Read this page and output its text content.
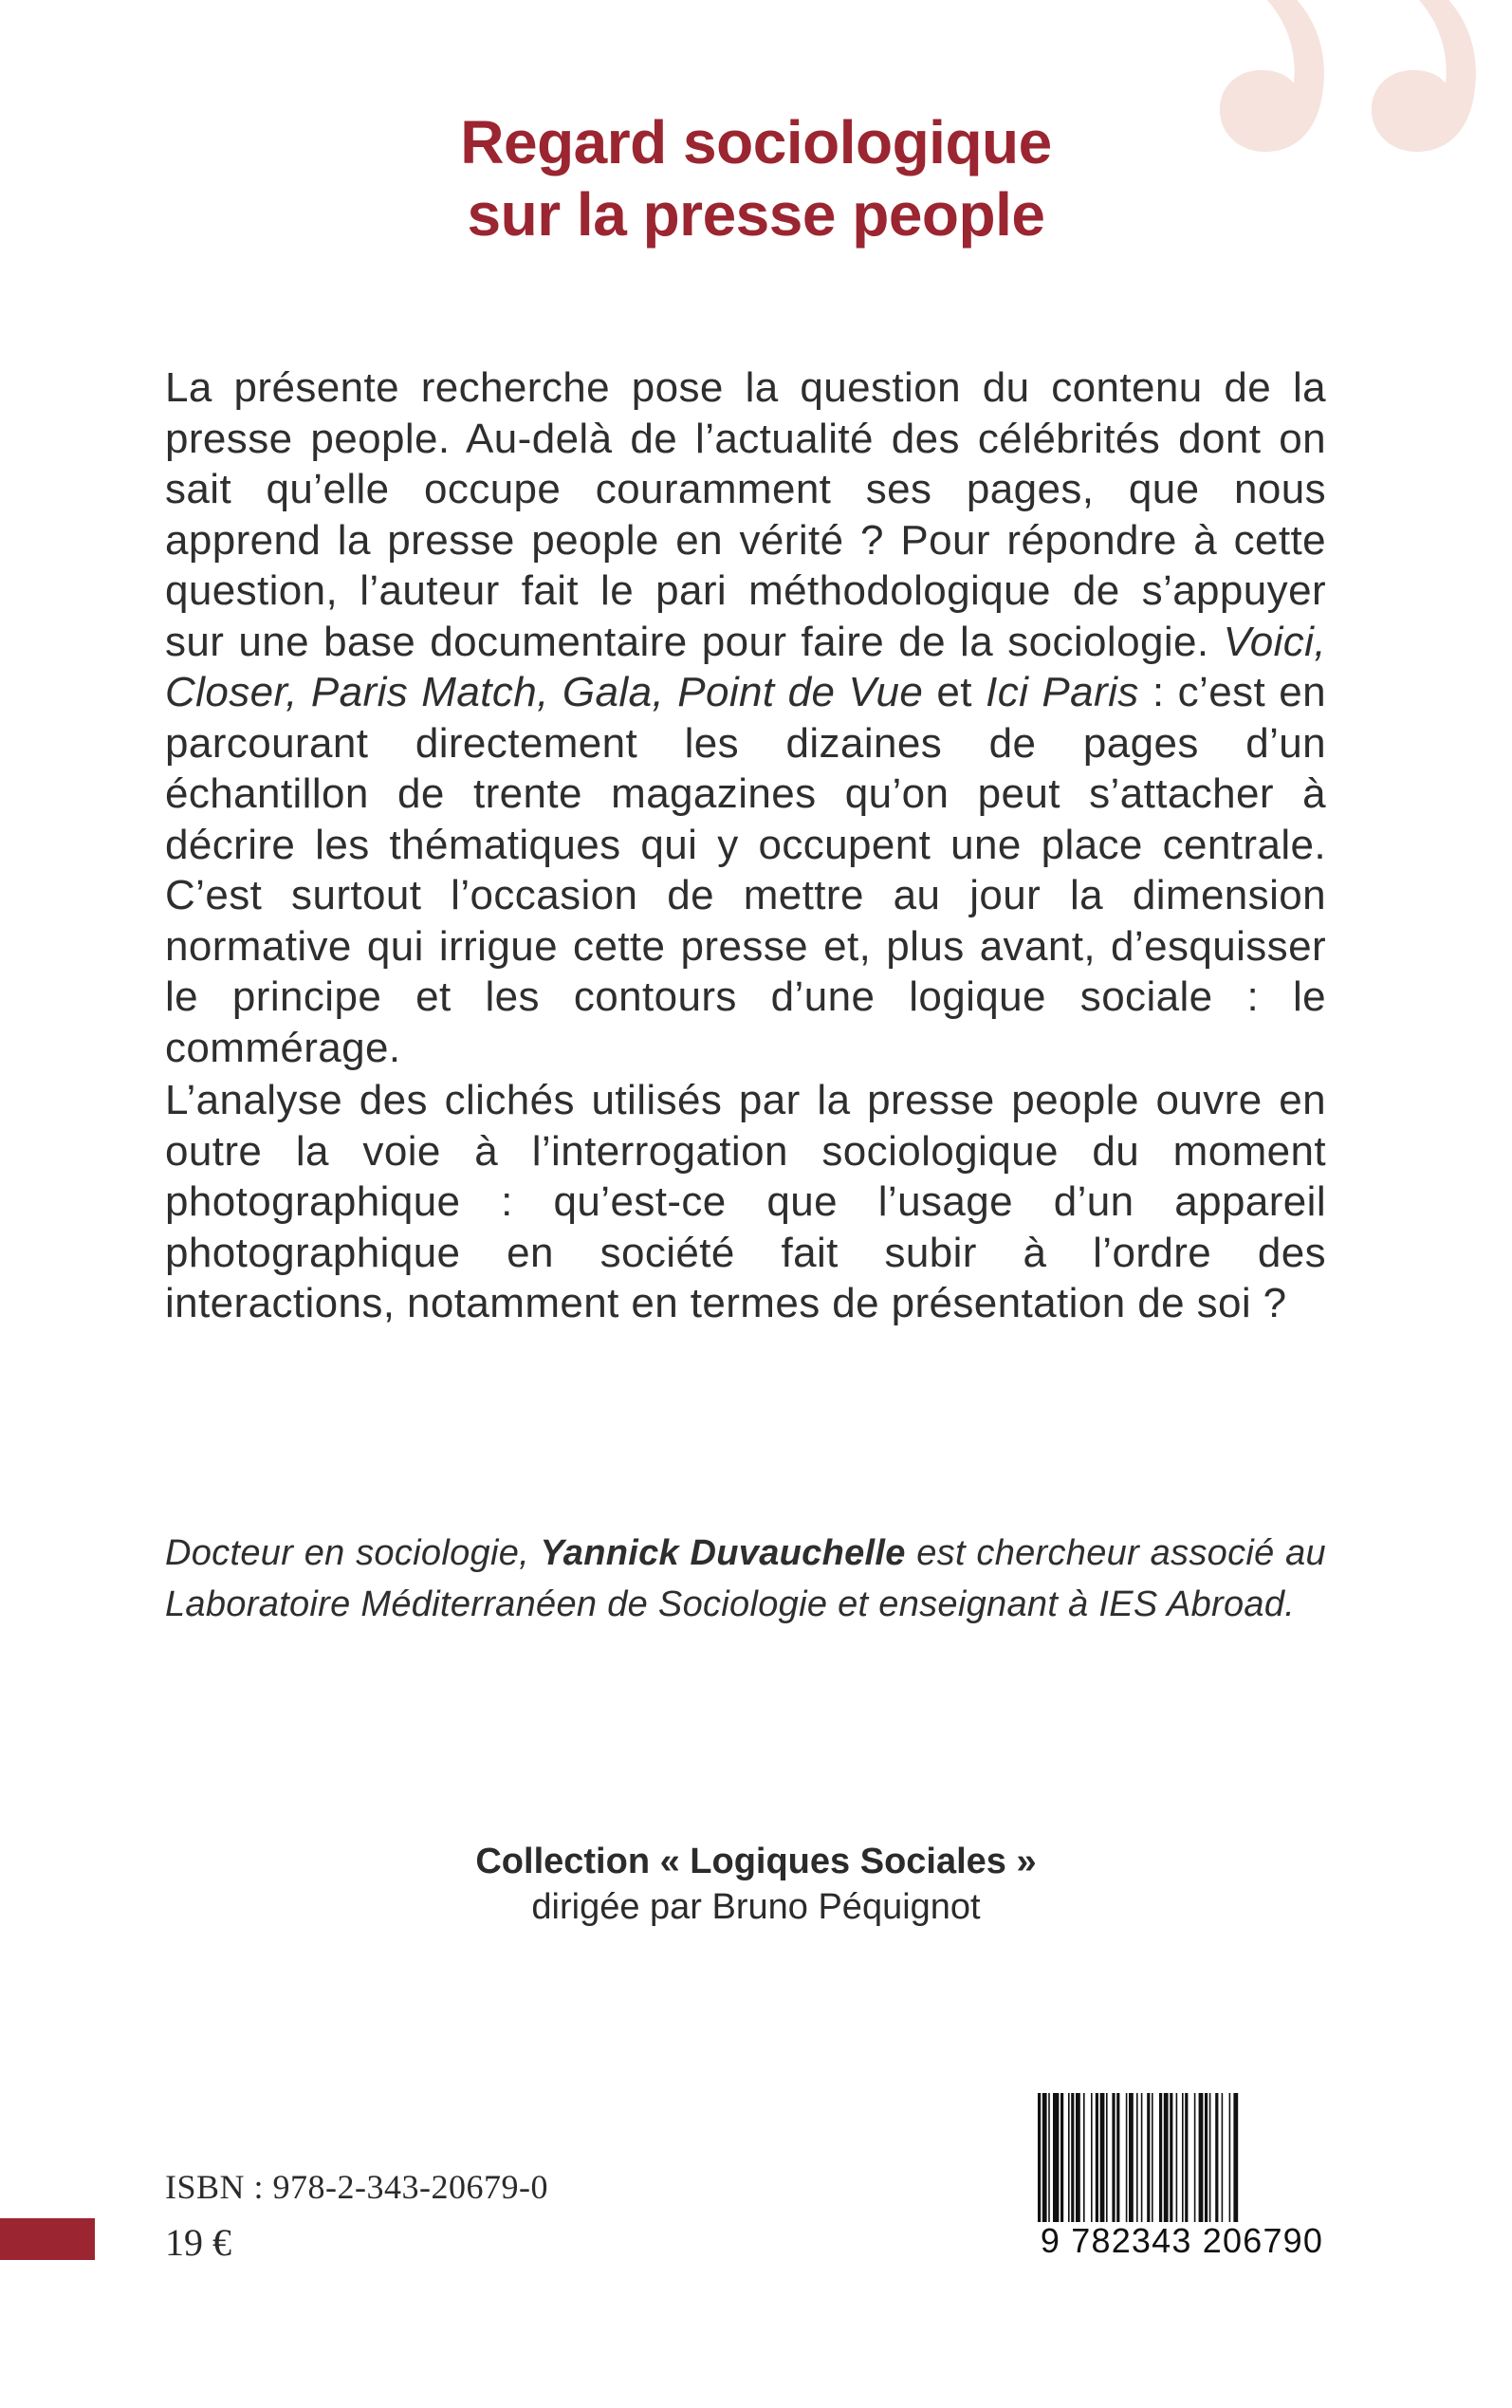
Regard sociologique
sur la presse people
La présente recherche pose la question du contenu de la presse people. Au-delà de l’actualité des célébrités dont on sait qu’elle occupe couramment ses pages, que nous apprend la presse people en vérité ? Pour répondre à cette question, l’auteur fait le pari méthodologique de s’appuyer sur une base documentaire pour faire de la sociologie. Voici, Closer, Paris Match, Gala, Point de Vue et Ici Paris : c’est en parcourant directement les dizaines de pages d’un échantillon de trente magazines qu’on peut s’attacher à décrire les thématiques qui y occupent une place centrale. C’est surtout l’occasion de mettre au jour la dimension normative qui irrigue cette presse et, plus avant, d’esquisser le principe et les contours d’une logique sociale : le commérage.
L’analyse des clichés utilisés par la presse people ouvre en outre la voie à l’interrogation sociologique du moment photographique : qu’est-ce que l’usage d’un appareil photographique en société fait subir à l’ordre des interactions, notamment en termes de présentation de soi ?
Docteur en sociologie, Yannick Duvauchelle est chercheur associé au Laboratoire Méditerranéen de Sociologie et enseignant à IES Abroad.
Collection « Logiques Sociales »
dirigée par Bruno Péquignot
ISBN : 978-2-343-20679-0
19 €	9 782343 206790
